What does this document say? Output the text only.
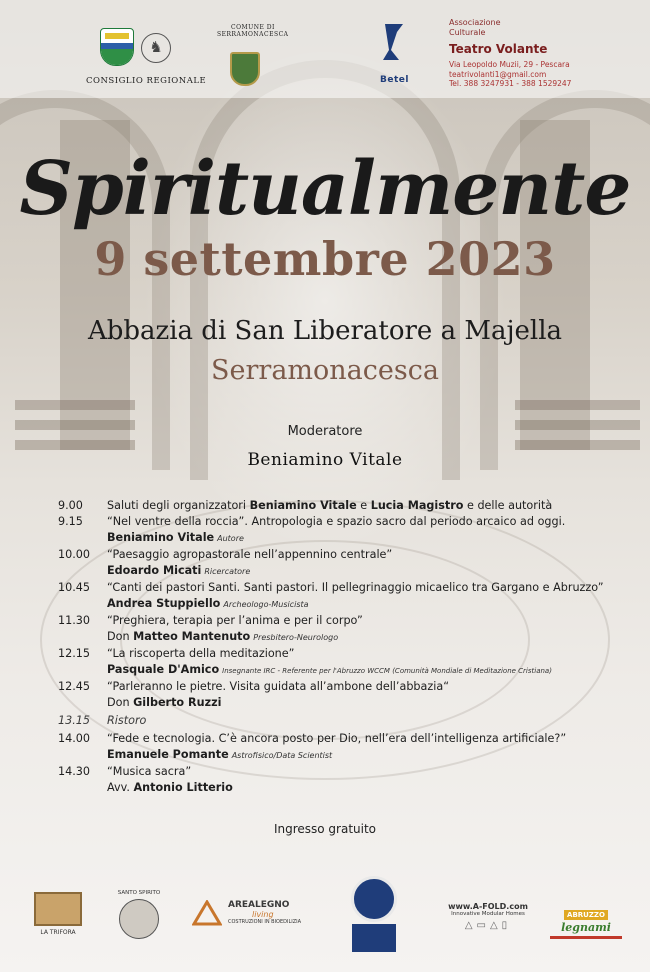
♞
CONSIGLIO REGIONALE
COMUNE DI
SERRAMONACESCA
Betel
Associazione
Culturale
Teatro Volante
Via Leopoldo Muzii, 29 - Pescara
teatrivolanti1@gmail.com
Tel. 388 3247931 - 388 1529247
Spiritualmente
9 settembre 2023
Abbazia di San Liberatore a Majella
Serramonacesca
Moderatore
Beniamino Vitale
9.00	Saluti degli organizzatori Beniamino Vitale e Lucia Magistro e delle autorità
9.15	“Nel ventre della roccia”. Antropologia e spazio sacro dal periodo arcaico ad oggi.
Beniamino Vitale Autore
10.00	“Paesaggio agropastorale nell’appennino centrale”
Edoardo Micati Ricercatore
10.45	“Canti dei pastori Santi. Santi pastori. Il pellegrinaggio micaelico tra Gargano e Abruzzo”
Andrea Stuppiello Archeologo-Musicista
11.30	“Preghiera, terapia per l’anima e per il corpo”
Don Matteo Mantenuto Presbitero-Neurologo
12.15	“La riscoperta della meditazione”
Pasquale D'Amico Insegnante IRC - Referente per l'Abruzzo WCCM (Comunità Mondiale di Meditazione Cristiana)
12.45	“Parleranno le pietre. Visita guidata all’ambone dell’abbazia“
Don Gilberto Ruzzi
13.15	Ristoro
14.00	“Fede e tecnologia. C’è ancora posto per Dio, nell’era dell’intelligenza artificiale?”
Emanuele Pomante Astrofisico/Data Scientist
14.30	“Musica sacra”
Avv. Antonio Litterio
Ingresso gratuito
LA TRIFORA
SANTO SPIRITO
AREALEGNO
living
COSTRUZIONI IN BIOEDILIZIA
www.A-FOLD.com
Innovative Modular Homes
△▭△▯
ABRUZZO
legnami
